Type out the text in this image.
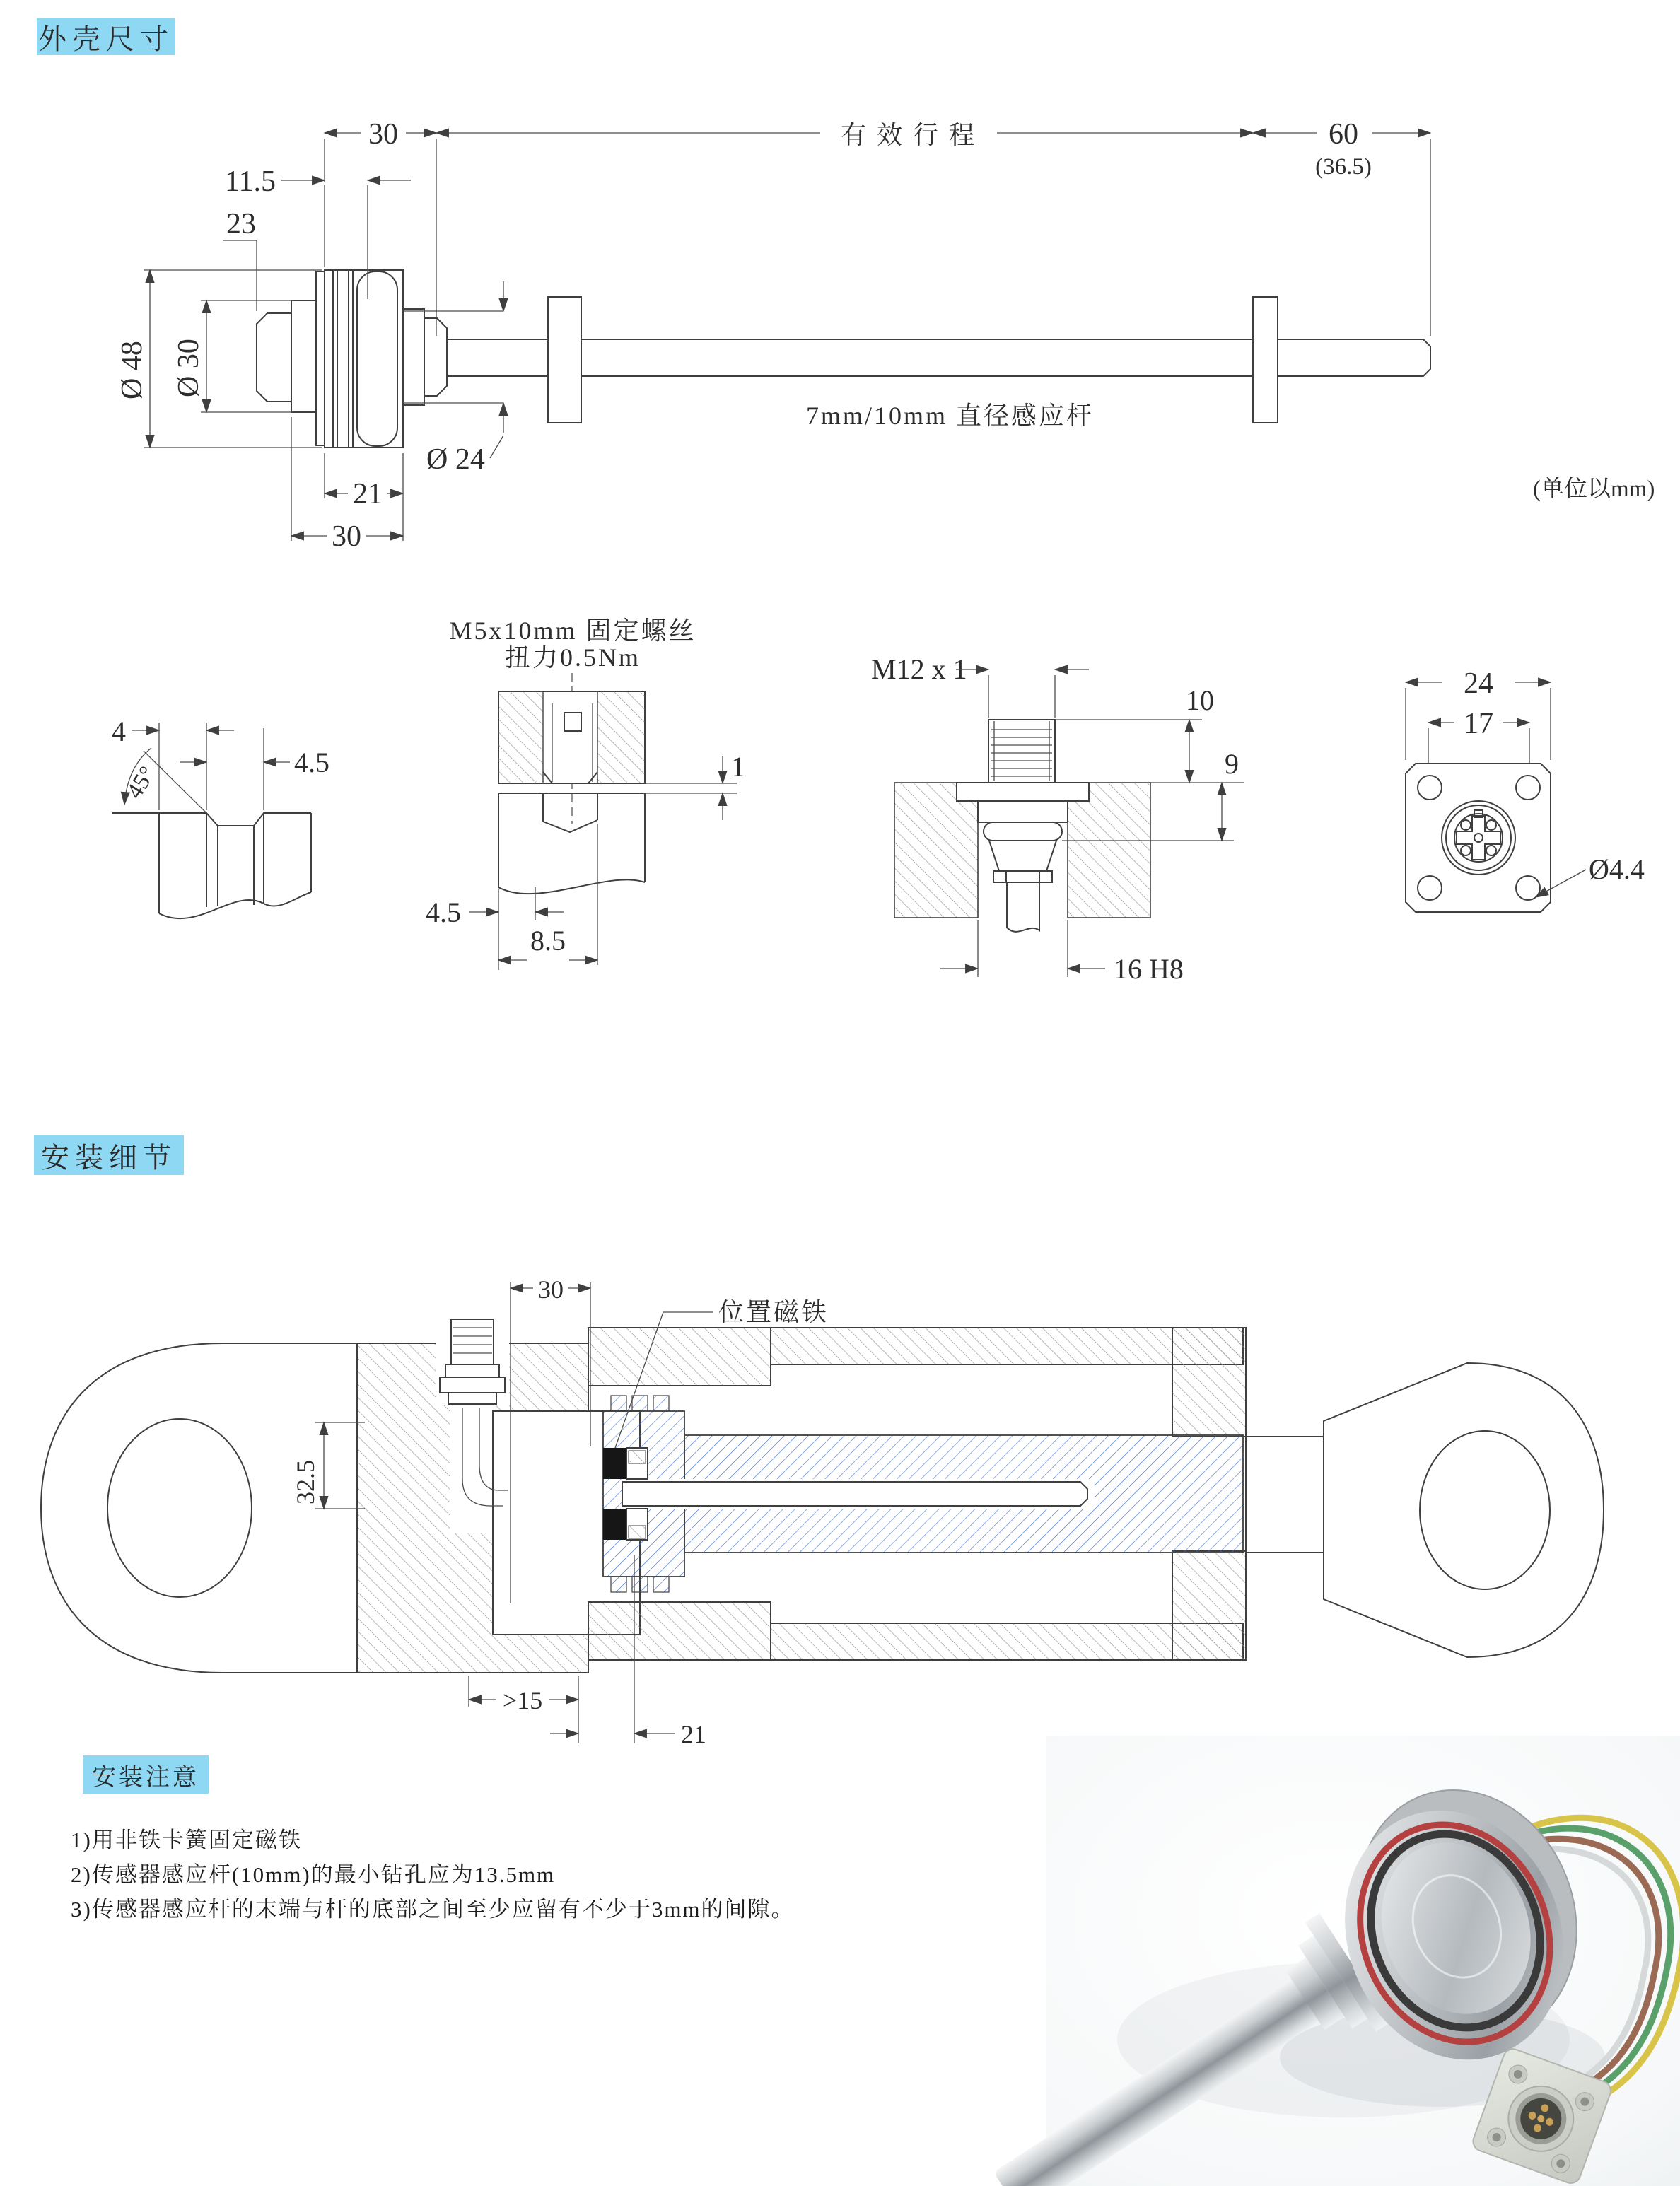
外壳尺寸
安装细节
安装注意
1)用非铁卡簧固定磁铁
2)传感器感应杆(10mm)的最小钻孔应为13.5mm
3)传感器感应杆的末端与杆的底部之间至少应留有不少于3mm的间隙。
Ø 48 Ø 30
23
11.5
30	有 效 行 程	60
(36.5)
Ø 24
21
30
7mm/10mm 直径感应杆
(单位以mm)
4
45°	4.5
M5x10mm 固定螺丝
扭力0.5Nm
1
4.5
8.5
M12 x 1
10
9
16 H8
24
17
Ø4.4
30
位置磁铁
32.5
>15
21
